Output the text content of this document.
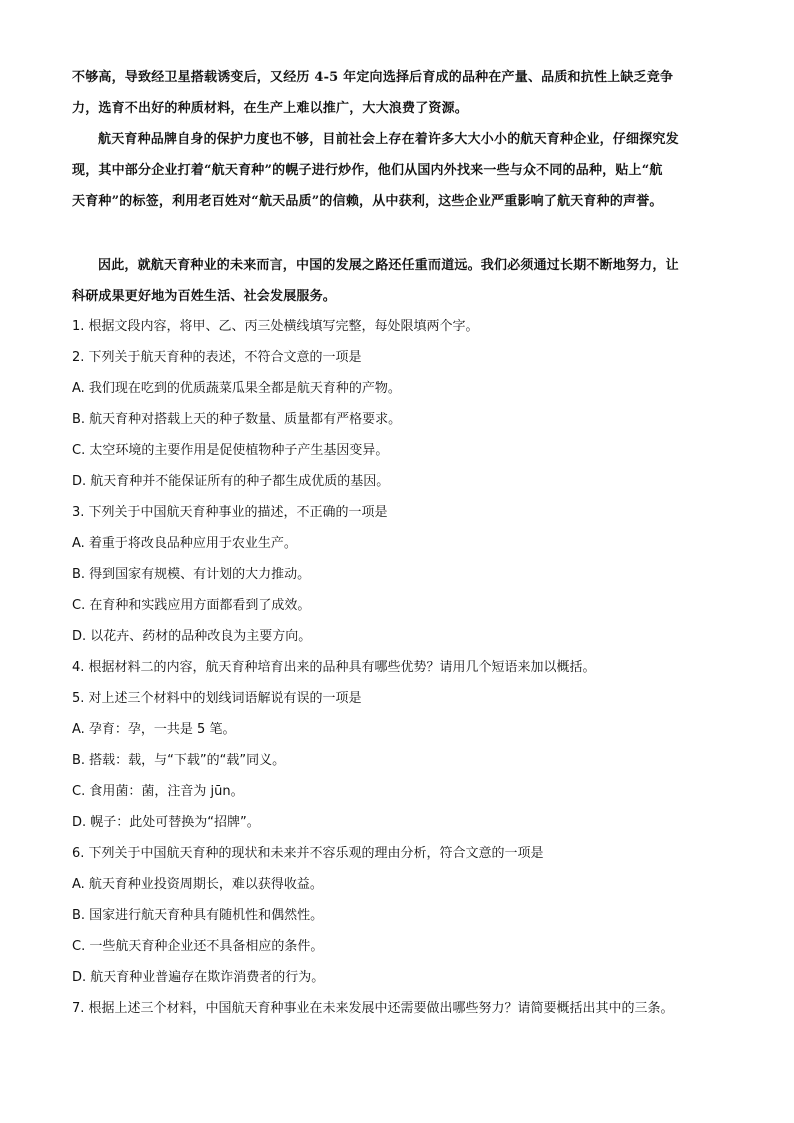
不够高，导致经卫星搭载诱变后，又经历 4-5 年定向选择后育成的品种在产量、品质和抗性上缺乏竞争
力，选育不出好的种质材料，在生产上难以推广，大大浪费了资源。
航天育种品牌自身的保护力度也不够，目前社会上存在着许多大大小小的航天育种企业，仔细探究发
现，其中部分企业打着“航天育种”的幌子进行炒作，他们从国内外找来一些与众不同的品种，贴上“航
天育种”的标签，利用老百姓对“航天品质”的信赖，从中获利，这些企业严重影响了航天育种的声誉。
因此，就航天育种业的未来而言，中国的发展之路还任重而道远。我们必须通过长期不断地努力，让
科研成果更好地为百姓生活、社会发展服务。
1. 根据文段内容，将甲、乙、丙三处横线填写完整，每处限填两个字。
2. 下列关于航天育种的表述，不符合文意的一项是
A. 我们现在吃到的优质蔬菜瓜果全都是航天育种的产物。
B. 航天育种对搭载上天的种子数量、质量都有严格要求。
C. 太空环境的主要作用是促使植物种子产生基因变异。
D. 航天育种并不能保证所有的种子都生成优质的基因。
3. 下列关于中国航天育种事业的描述，不正确的一项是
A. 着重于将改良品种应用于农业生产。
B. 得到国家有规模、有计划的大力推动。
C. 在育种和实践应用方面都看到了成效。
D. 以花卉、药材的品种改良为主要方向。
4. 根据材料二的内容，航天育种培育出来的品种具有哪些优势？请用几个短语来加以概括。
5. 对上述三个材料中的划线词语解说有误的一项是
A. 孕育：孕，一共是 5 笔。
B. 搭载：载，与“下载”的“载”同义。
C. 食用菌：菌，注音为 jūn。
D. 幌子：此处可替换为“招牌”。
6. 下列关于中国航天育种的现状和未来并不容乐观的理由分析，符合文意的一项是
A. 航天育种业投资周期长，难以获得收益。
B. 国家进行航天育种具有随机性和偶然性。
C. 一些航天育种企业还不具备相应的条件。
D. 航天育种业普遍存在欺诈消费者的行为。
7. 根据上述三个材料，中国航天育种事业在未来发展中还需要做出哪些努力？请简要概括出其中的三条。
